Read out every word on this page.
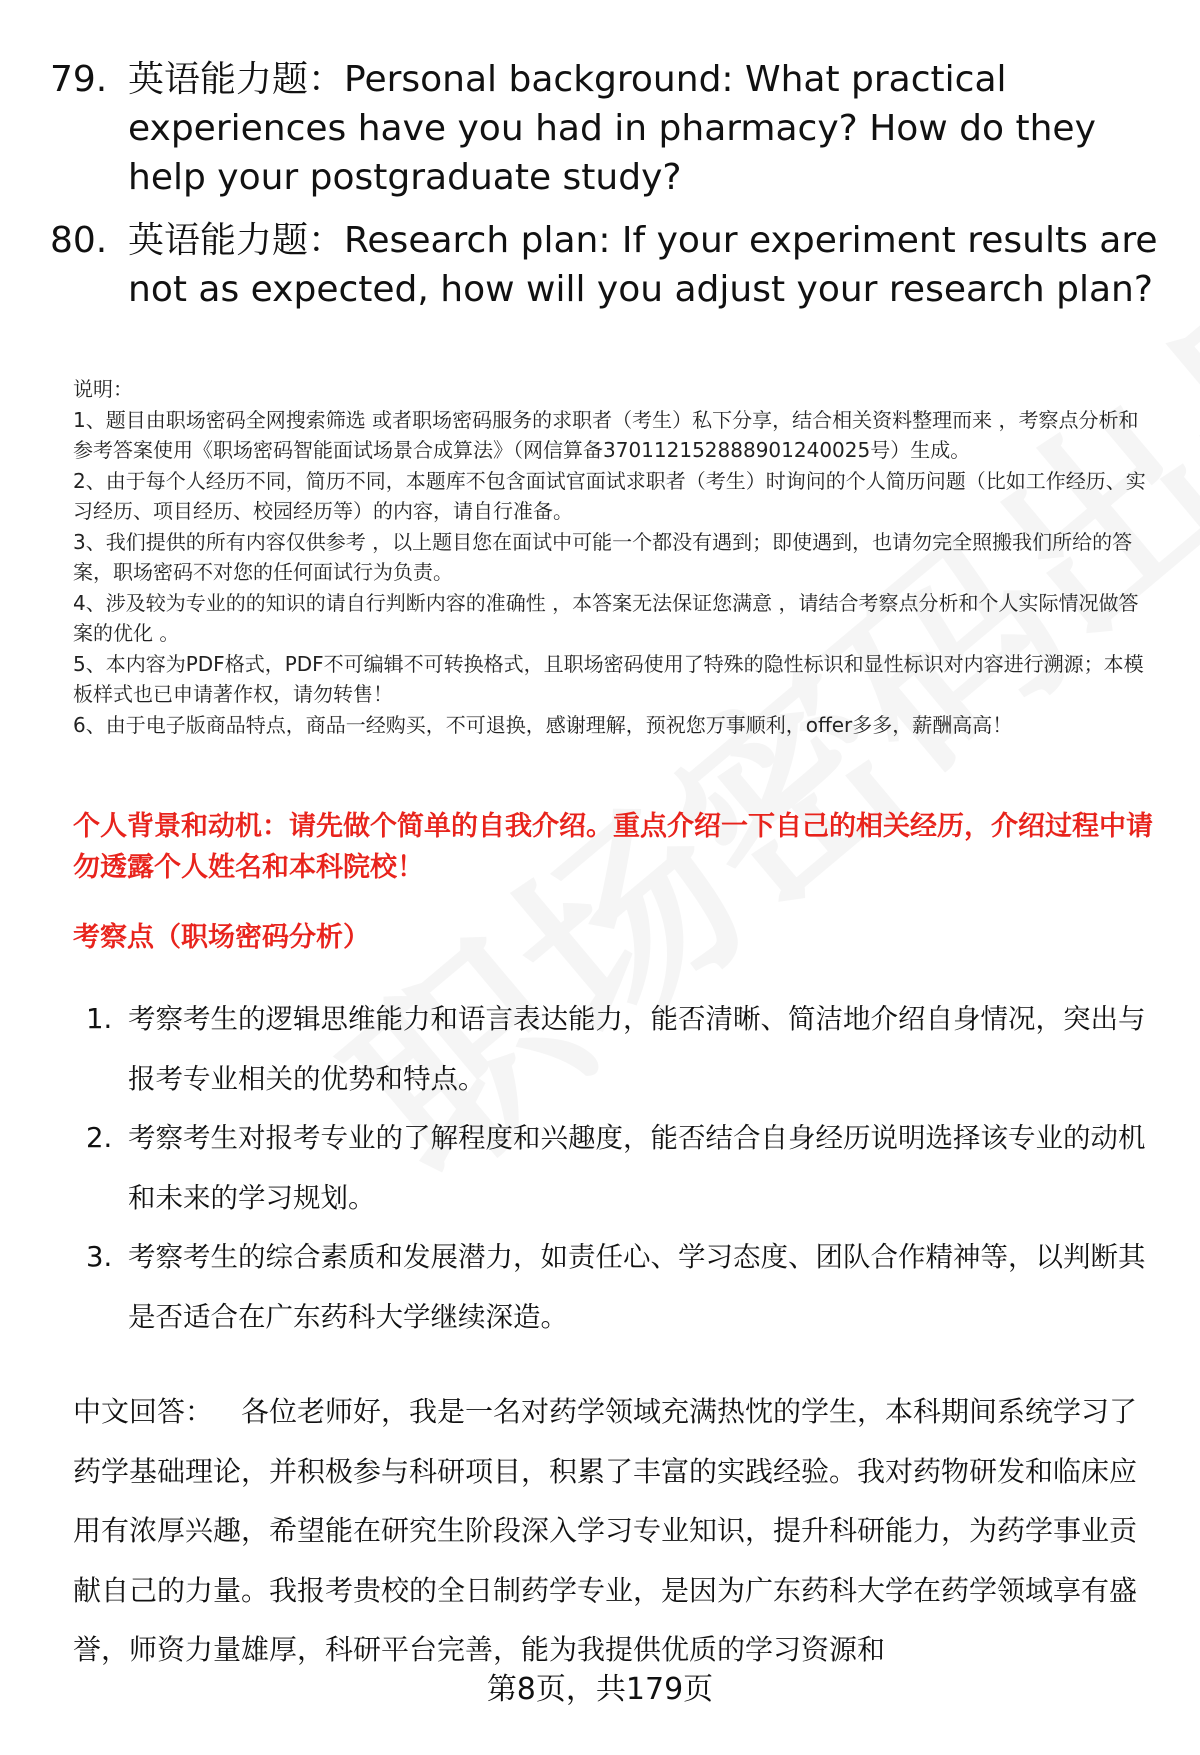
79. 英语能力题：Personal background: What practical experiences have you had in pharmacy? How do they help your postgraduate study?
80. 英语能力题：Research plan: If your experiment results are not as expected, how will you adjust your research plan?

说明：

1、题目由职场密码全网搜索筛选 或者职场密码服务的求职者（考生）私下分享，结合相关资料整理而来 ，考察点分析和参考答案使用《职场密码智能面试场景合成算法》（网信算备370112152888901240025号）生成。

2、由于每个人经历不同，简历不同，本题库不包含面试官面试求职者（考生）时询问的个人简历问题（比如工作经历、实习经历、项目经历、校园经历等）的内容，请自行准备。

3、我们提供的所有内容仅供参考 ，以上题目您在面试中可能一个都没有遇到；即使遇到，也请勿完全照搬我们所给的答案，职场密码不对您的任何面试行为负责。

4、涉及较为专业的的知识的请自行判断内容的准确性 ，本答案无法保证您满意 ，请结合考察点分析和个人实际情况做答案的优化 。

5、本内容为PDF格式，PDF不可编辑不可转换格式，且职场密码使用了特殊的隐性标识和显性标识对内容进行溯源；本模板样式也已申请著作权，请勿转售！

6、由于电子版商品特点，商品一经购买，不可退换，感谢理解，预祝您万事顺利，offer多多，薪酬高高！

个人背景和动机：请先做个简单的自我介绍。重点介绍一下自己的相关经历，介绍过程中请勿透露个人姓名和本科院校！
考察点（职场密码分析）
1. 考察考生的逻辑思维能力和语言表达能力，能否清晰、简洁地介绍自身情况，突出与报考专业相关的优势和特点。
2. 考察考生对报考专业的了解程度和兴趣度，能否结合自身经历说明选择该专业的动机和未来的学习规划。
3. 考察考生的综合素质和发展潜力，如责任心、学习态度、团队合作精神等，以判断其是否适合在广东药科大学继续深造。
中文回答：  各位老师好，我是一名对药学领域充满热忱的学生，本科期间系统学习了药学基础理论，并积极参与科研项目，积累了丰富的实践经验。我对药物研发和临床应用有浓厚兴趣，希望能在研究生阶段深入学习专业知识，提升科研能力，为药学事业贡献自己的力量。我报考贵校的全日制药学专业，是因为广东药科大学在药学领域享有盛誉，师资力量雄厚，科研平台完善，能为我提供优质的学习资源和
第8页，共179页
